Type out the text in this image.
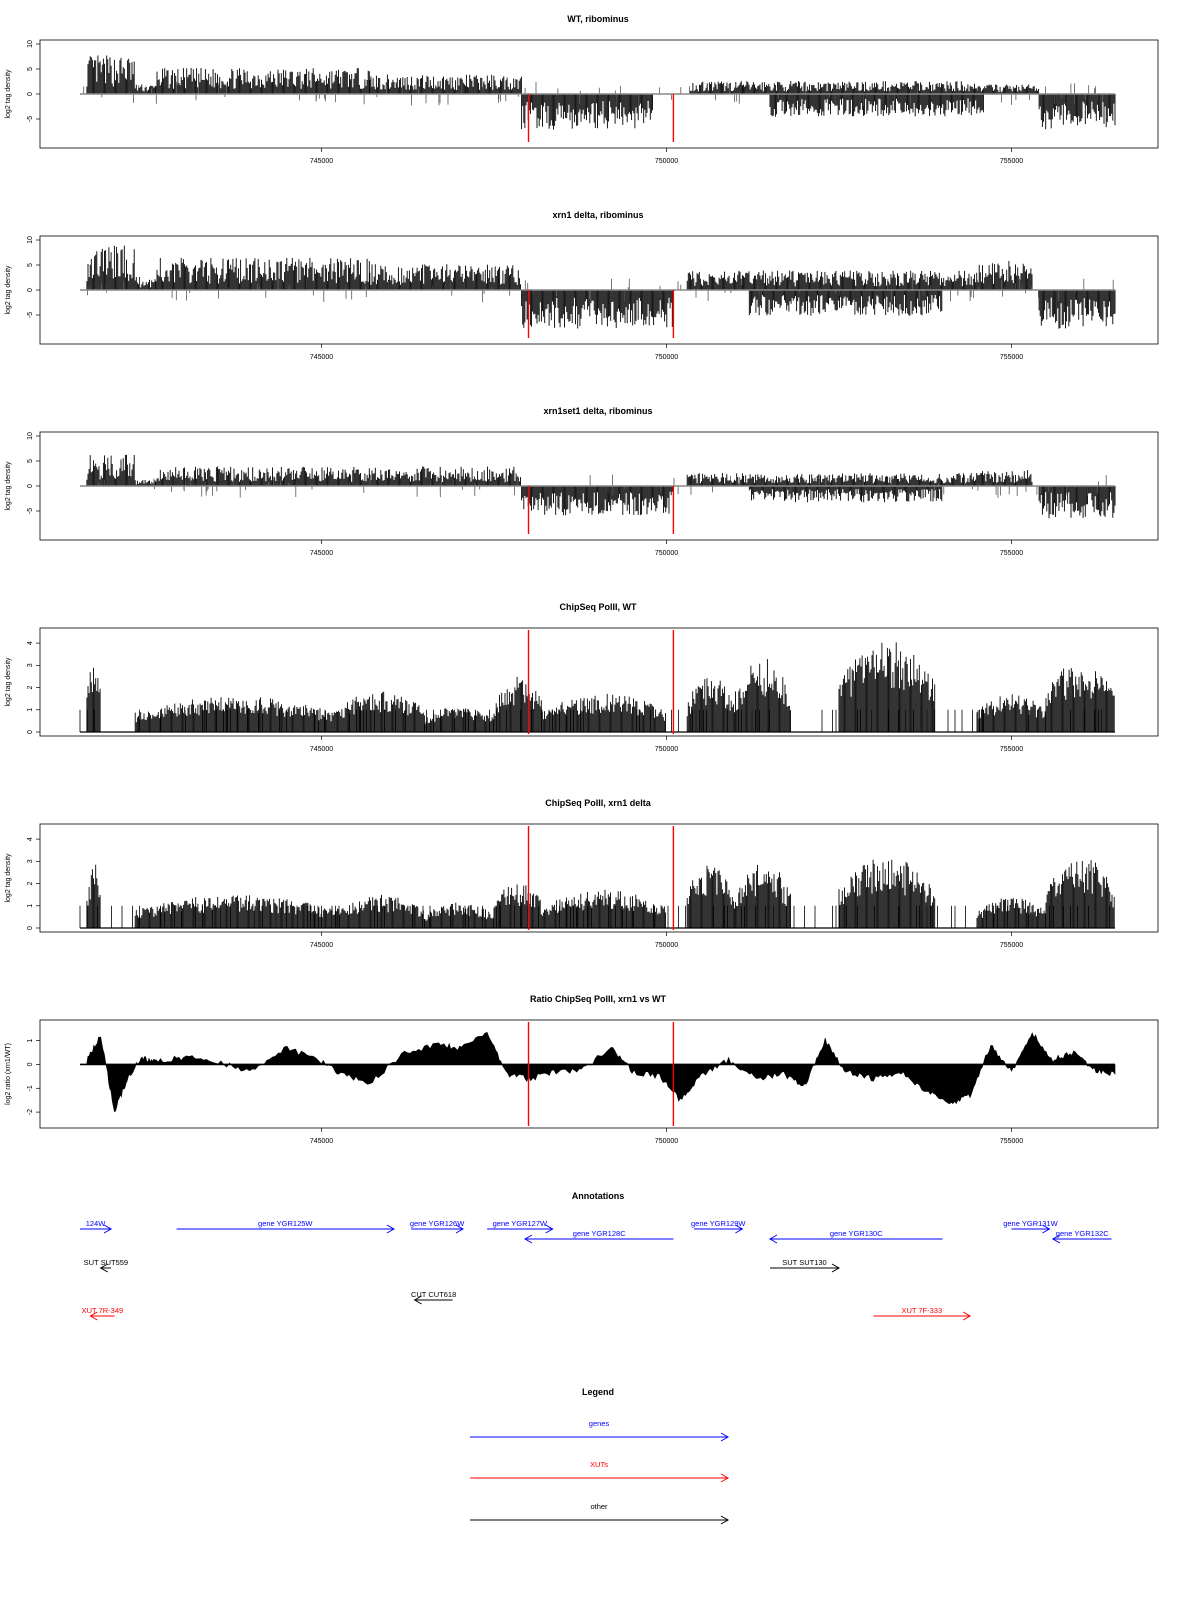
WT, ribominus
-5
0
5
10
log2 tag density
745000	750000	755000
xrn1 delta, ribominus
-5
0
5
10
log2 tag density
745000	750000	755000
xrn1set1 delta, ribominus
-5
0
5
10
log2 tag density
745000	750000	755000
ChipSeq PolII, WT
0
1
2
3
4
log2 tag density
745000	750000	755000
ChipSeq PolII, xrn1 delta
0
1
2
3
4
log2 tag density
745000	750000	755000
Ratio ChipSeq PolII, xrn1 vs WT
-2
-1
0
1
log2 ratio (xrn1/WT)
745000	750000	755000
Annotations
124W	gene YGR125W	gene YGR126W	gene YGR127W
gene YGR128C
gene YGR129W
gene YGR130C
gene YGR131W
gene YGR132C
SUT SUT559
CUT CUT618
SUT SUT130
XUT 7R-349	XUT 7F-333
Legend
genes
XUTs
other
